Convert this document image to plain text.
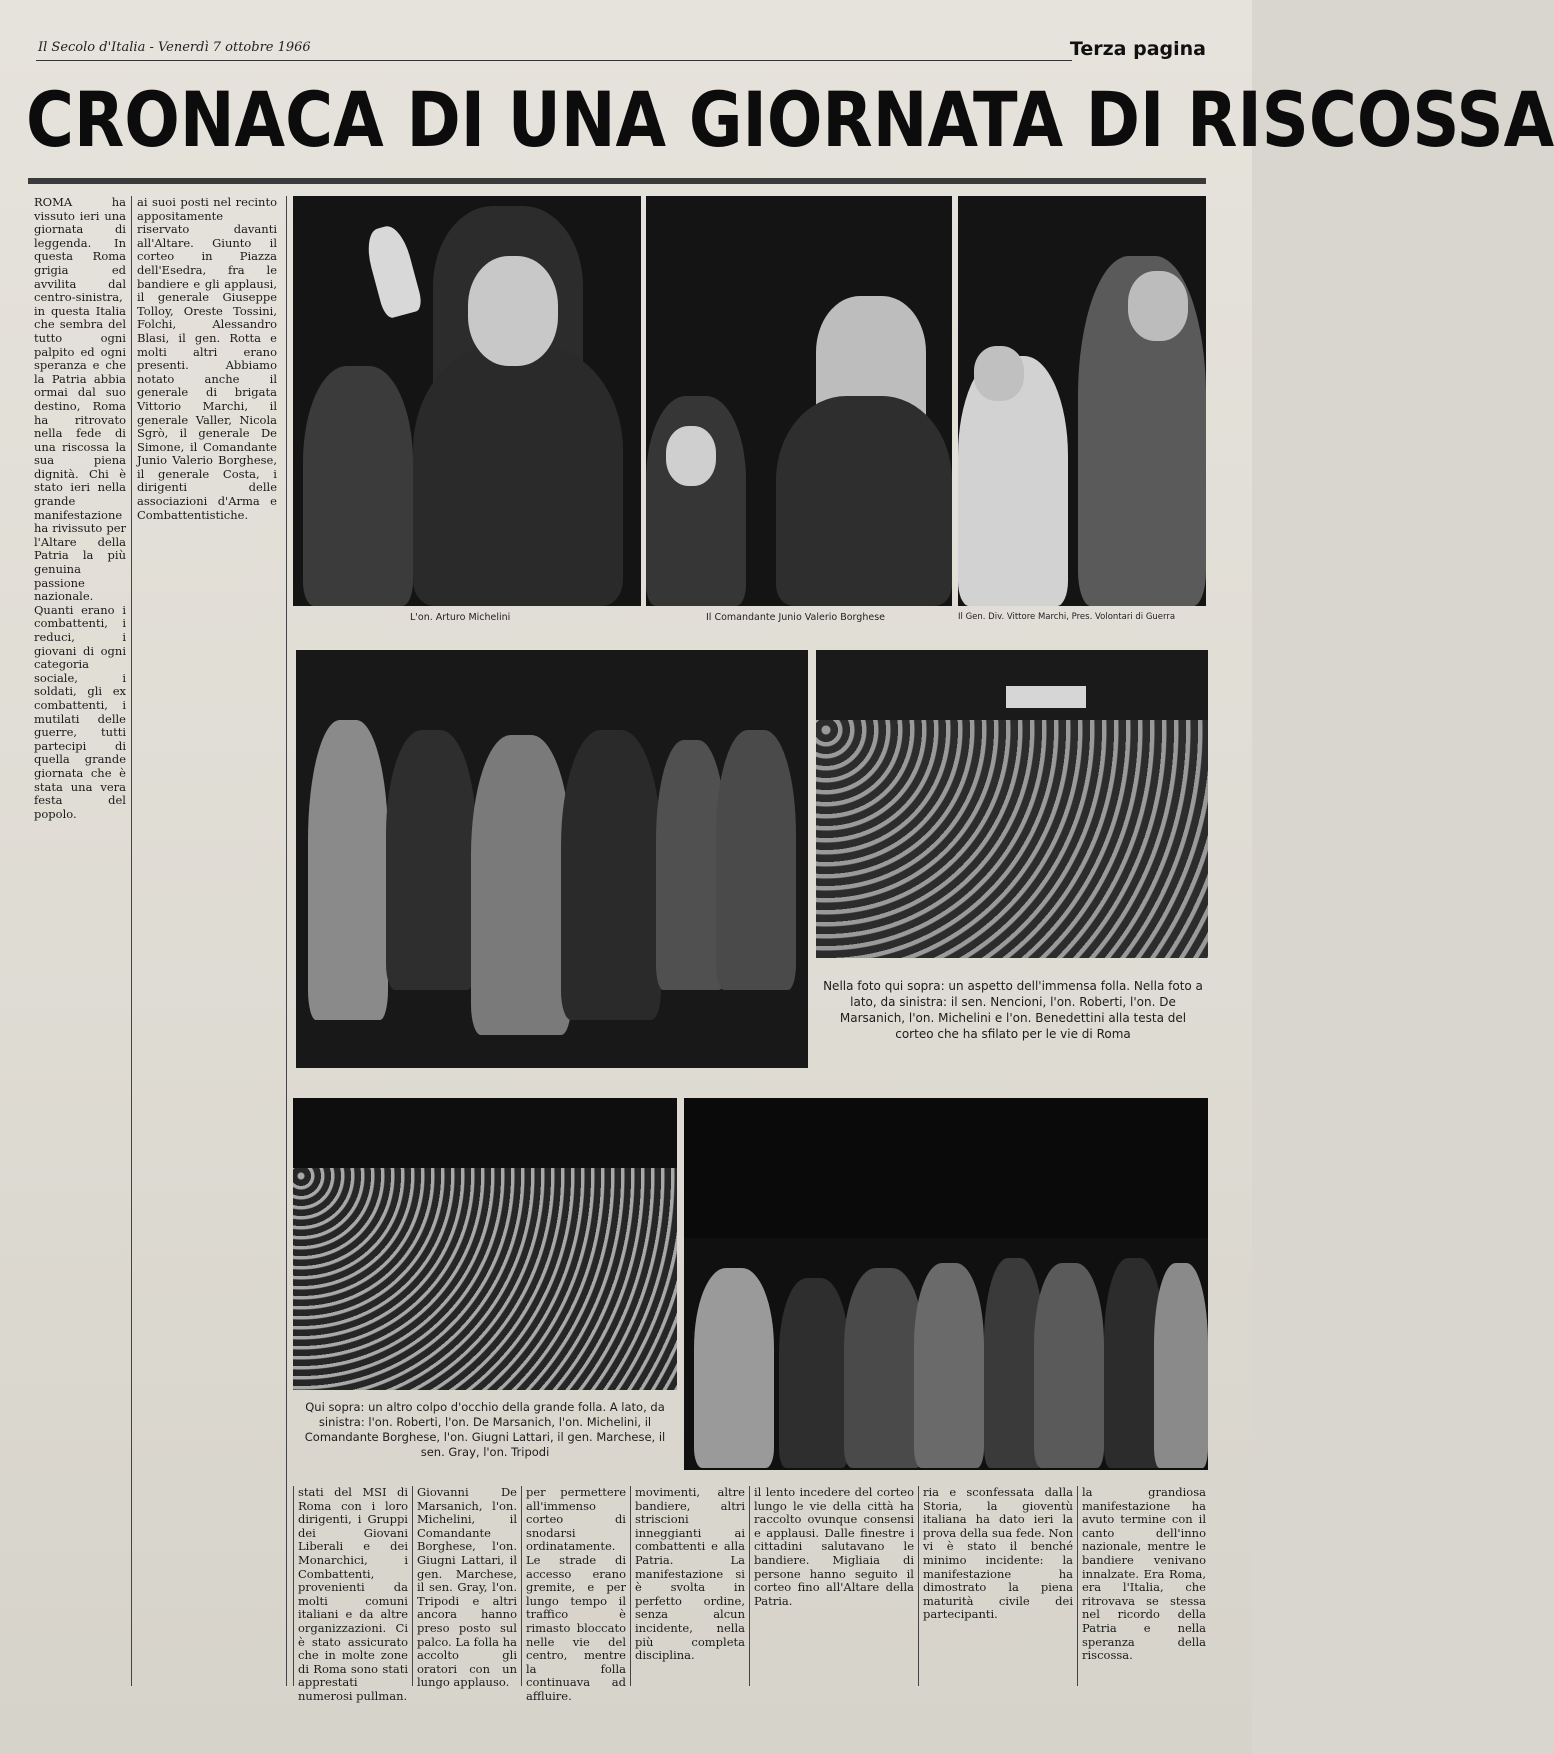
Il Secolo d'Italia - Venerdì 7 ottobre 1966	Terza pagina
CRONACA DI UNA GIORNATA DI RISCOSSA
ROMA ha vissuto ieri una giornata di leggenda. In questa Roma grigia ed avvilita dal centro-sinistra, in questa Italia che sembra del tutto ogni palpito ed ogni speranza e che la Patria abbia ormai dal suo destino, Roma ha ritrovato nella fede di una riscossa la sua piena dignità. Chi è stato ieri nella grande manifestazione ha rivissuto per l'Altare della Patria la più genuina passione nazionale. Quanti erano i combattenti, i reduci, i giovani di ogni categoria sociale, i soldati, gli ex combattenti, i mutilati delle guerre, tutti partecipi di quella grande giornata che è stata una vera festa del popolo.
ai suoi posti nel recinto appositamente riservato davanti all'Altare. Giunto il corteo in Piazza dell'Esedra, fra le bandiere e gli applausi, il generale Giuseppe Tolloy, Oreste Tossini, Folchi, Alessandro Blasi, il gen. Rotta e molti altri erano presenti. Abbiamo notato anche il generale di brigata Vittorio Marchi, il generale Valler, Nicola Sgrò, il generale De Simone, il Comandante Junio Valerio Borghese, il generale Costa, i dirigenti delle associazioni d'Arma e Combattentistiche.
L'on. Arturo Michelini	Il Comandante Junio Valerio Borghese	Il Gen. Div. Vittore Marchi, Pres. Volontari di Guerra
Nella foto qui sopra: un aspetto dell'immensa folla. Nella foto a lato, da sinistra: il sen. Nencioni, l'on. Roberti, l'on. De Marsanich, l'on. Michelini e l'on. Benedettini alla testa del corteo che ha sfilato per le vie di Roma
Qui sopra: un altro colpo d'occhio della grande folla. A lato, da sinistra: l'on. Roberti, l'on. De Marsanich, l'on. Michelini, il Comandante Borghese, l'on. Giugni Lattari, il gen. Marchese, il sen. Gray, l'on. Tripodi
stati del MSI di Roma con i loro dirigenti, i Gruppi dei Giovani Liberali e dei Monarchici, i Combattenti, provenienti da molti comuni italiani e da altre organizzazioni. Ci è stato assicurato che in molte zone di Roma sono stati apprestati numerosi pullman.
Giovanni De Marsanich, l'on. Michelini, il Comandante Borghese, l'on. Giugni Lattari, il gen. Marchese, il sen. Gray, l'on. Tripodi e altri ancora hanno preso posto sul palco. La folla ha accolto gli oratori con un lungo applauso.
per permettere all'immenso corteo di snodarsi ordinatamente. Le strade di accesso erano gremite, e per lungo tempo il traffico è rimasto bloccato nelle vie del centro, mentre la folla continuava ad affluire.
movimenti, altre bandiere, altri striscioni inneggianti ai combattenti e alla Patria. La manifestazione si è svolta in perfetto ordine, senza alcun incidente, nella più completa disciplina.
il lento incedere del corteo lungo le vie della città ha raccolto ovunque consensi e applausi. Dalle finestre i cittadini salutavano le bandiere. Migliaia di persone hanno seguito il corteo fino all'Altare della Patria.
ria e sconfessata dalla Storia, la gioventù italiana ha dato ieri la prova della sua fede. Non vi è stato il benché minimo incidente: la manifestazione ha dimostrato la piena maturità civile dei partecipanti.
la grandiosa manifestazione ha avuto termine con il canto dell'inno nazionale, mentre le bandiere venivano innalzate. Era Roma, era l'Italia, che ritrovava se stessa nel ricordo della Patria e nella speranza della riscossa.
